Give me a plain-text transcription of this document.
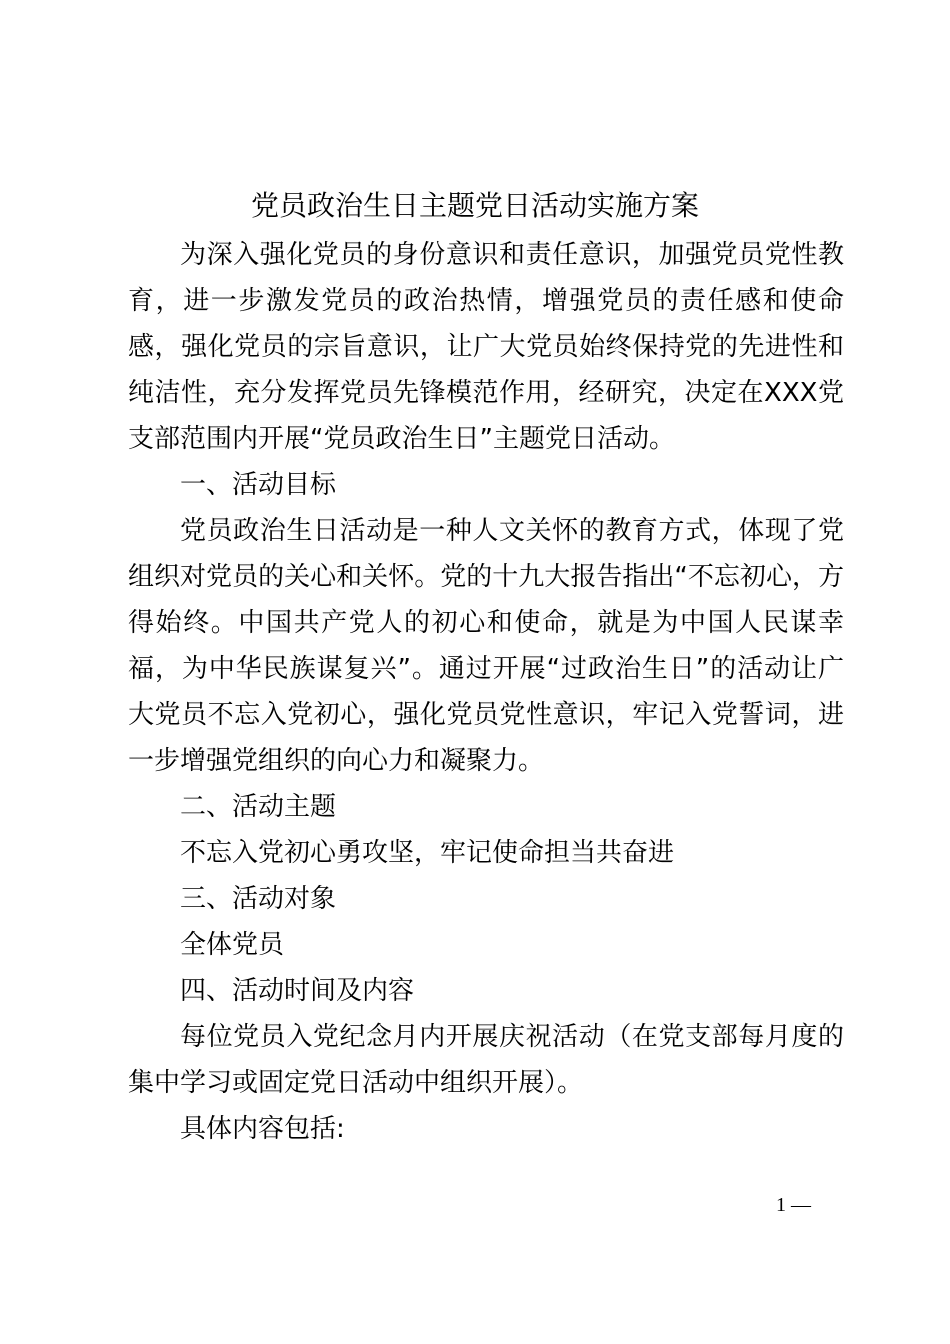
党员政治生日主题党日活动实施方案

为深入强化党员的身份意识和责任意识，加强党员党性教育，进一步激发党员的政治热情，增强党员的责任感和使命感，强化党员的宗旨意识，让广大党员始终保持党的先进性和纯洁性，充分发挥党员先锋模范作用，经研究，决定在XXX党支部范围内开展“党员政治生日”主题党日活动。

一、活动目标

党员政治生日活动是一种人文关怀的教育方式，体现了党组织对党员的关心和关怀。党的十九大报告指出“不忘初心，方得始终。中国共产党人的初心和使命，就是为中国人民谋幸福，为中华民族谋复兴”。通过开展“过政治生日”的活动让广大党员不忘入党初心，强化党员党性意识，牢记入党誓词，进一步增强党组织的向心力和凝聚力。

二、活动主题

不忘入党初心勇攻坚，牢记使命担当共奋进

三、活动对象

全体党员

四、活动时间及内容

每位党员入党纪念月内开展庆祝活动（在党支部每月度的集中学习或固定党日活动中组织开展）。

具体内容包括:

1 —
